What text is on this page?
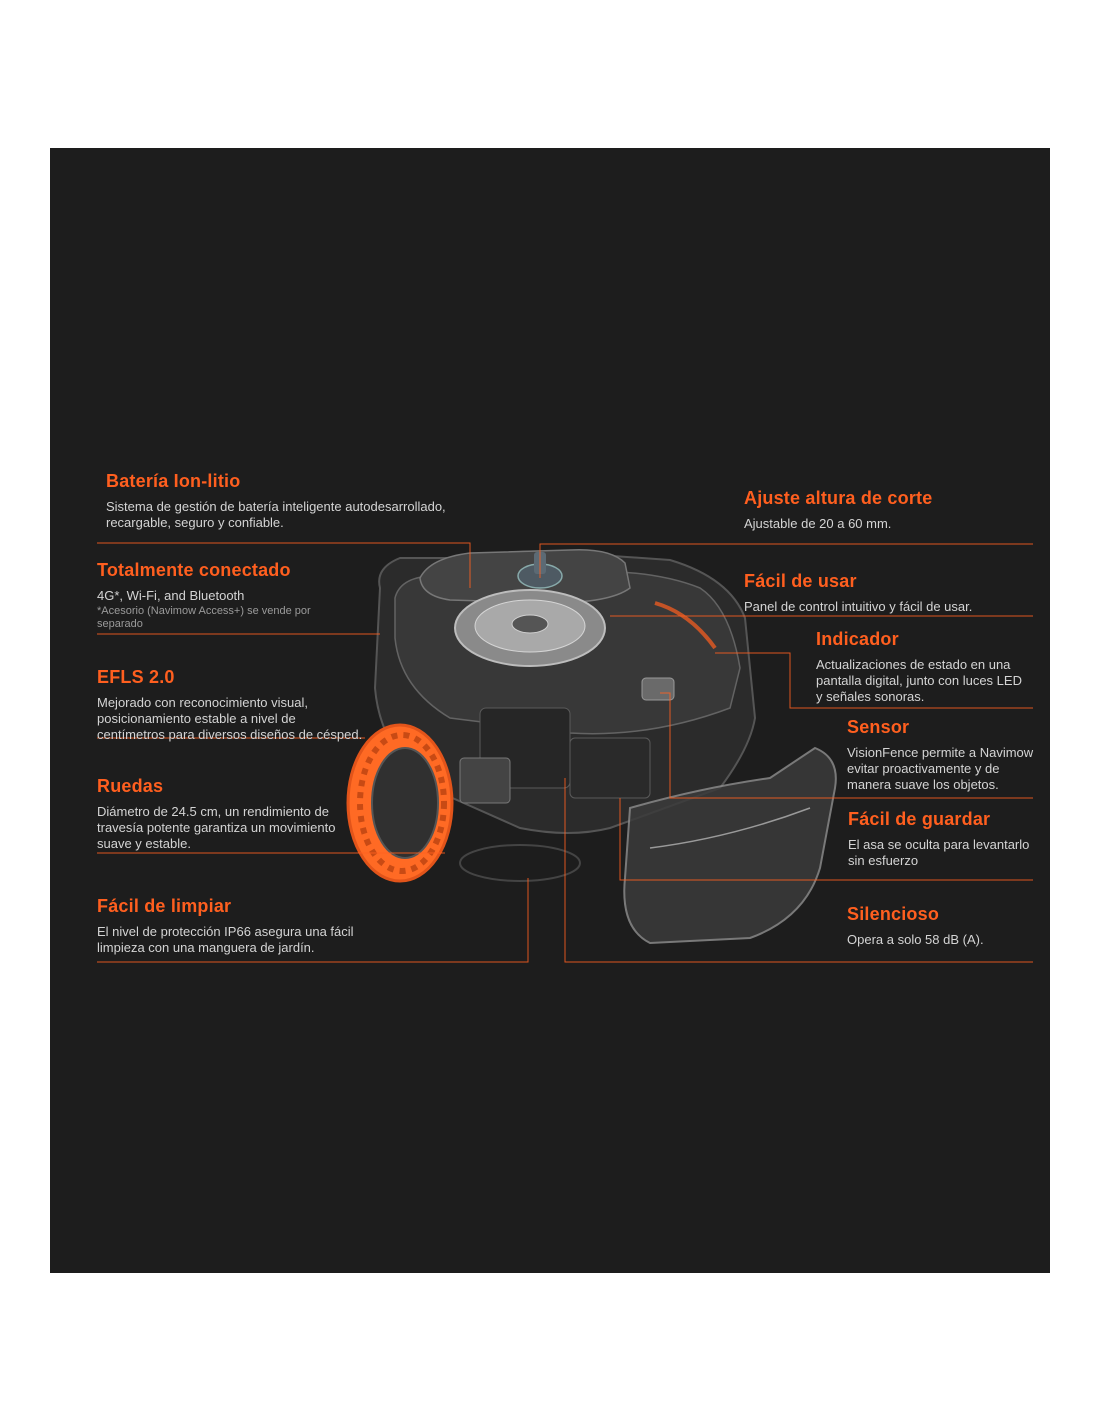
Batería Ion-litio

Sistema de gestión de batería inteligente autodesarrollado,

recargable, seguro y confiable.

Totalmente conectado

4G*, Wi-Fi, and Bluetooth

*Acesorio (Navimow Access+) se vende por

separado

EFLS 2.0

Mejorado con reconocimiento visual,

posicionamiento estable a nivel de

centímetros para diversos diseños de césped.

Ruedas

Diámetro de 24.5 cm, un rendimiento de

travesía potente garantiza un movimiento

suave y estable.

Fácil de limpiar

El nivel de protección IP66 asegura una fácil

limpieza con una manguera de jardín.

Ajuste altura de corte

Ajustable de 20 a 60 mm.

Fácil de usar

Panel de control intuitivo y fácil de usar.

Indicador

Actualizaciones de estado en una

pantalla digital, junto con luces LED

y señales sonoras.

Sensor

VisionFence permite a Navimow

evitar proactivamente y de

manera suave los objetos.

Fácil de guardar

El asa se oculta para levantarlo

sin esfuerzo

Silencioso

Opera a solo 58 dB (A).
